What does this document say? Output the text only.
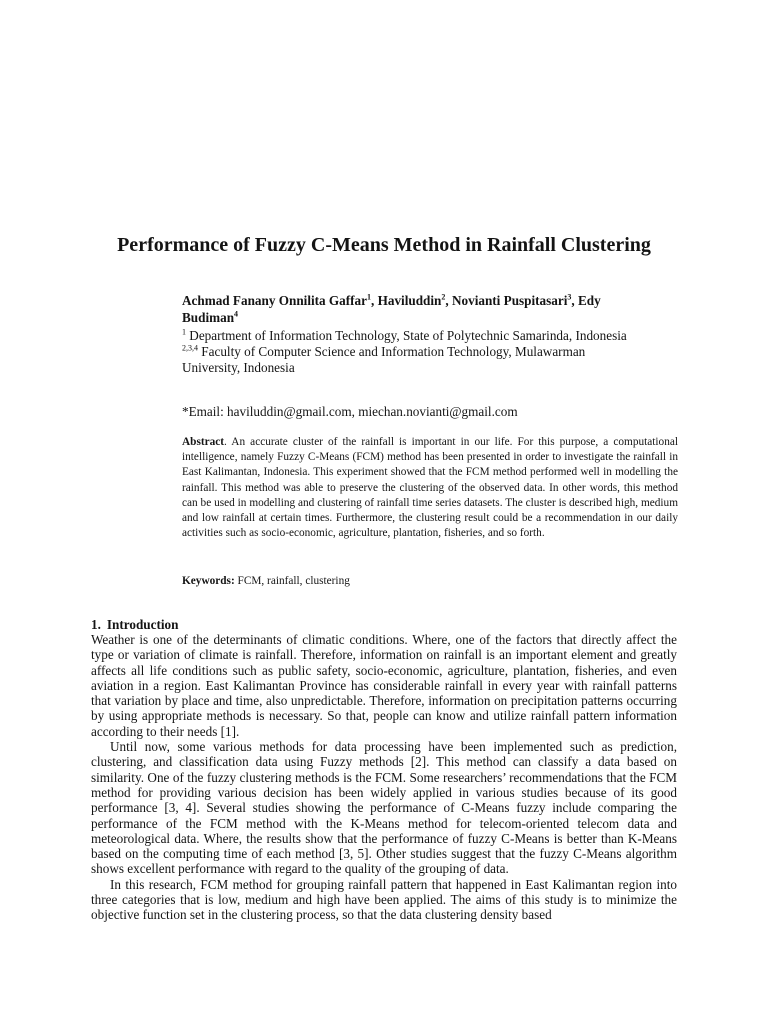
Performance of Fuzzy C-Means Method in Rainfall Clustering

Achmad Fanany Onnilita Gaffar$^1$, Haviluddin$^2$, Novianti Puspitasari$^3$, Edy Budiman$^4$

$^1$ Department of Information Technology, State of Polytechnic Samarinda, Indonesia

$^{2,3,4}$ Faculty of Computer Science and Information Technology, Mulawarman University, Indonesia

*Email: haviluddin@gmail.com, miechan.novianti@gmail.com

Abstract. An accurate cluster of the rainfall is important in our life. For this purpose, a computational intelligence, namely Fuzzy C-Means (FCM) method has been presented in order to investigate the rainfall in East Kalimantan, Indonesia. This experiment showed that the FCM method performed well in modelling the rainfall. This method was able to preserve the clustering of the observed data. In other words, this method can be used in modelling and clustering of rainfall time series datasets. The cluster is described high, medium and low rainfall at certain times. Furthermore, the clustering result could be a recommendation in our daily activities such as socio-economic, agriculture, plantation, fisheries, and so forth.

Keywords: FCM, rainfall, clustering

1. Introduction

Weather is one of the determinants of climatic conditions. Where, one of the factors that directly affect the type or variation of climate is rainfall. Therefore, information on rainfall is an important element and greatly affects all life conditions such as public safety, socio-economic, agriculture, plantation, fisheries, and even aviation in a region. East Kalimantan Province has considerable rainfall in every year with rainfall patterns that variation by place and time, also unpredictable. Therefore, information on precipitation patterns occurring by using appropriate methods is necessary. So that, people can know and utilize rainfall pattern information according to their needs [1].

Until now, some various methods for data processing have been implemented such as prediction, clustering, and classification data using Fuzzy methods [2]. This method can classify a data based on similarity. One of the fuzzy clustering methods is the FCM. Some researchers’ recommendations that the FCM method for providing various decision has been widely applied in various studies because of its good performance [3, 4]. Several studies showing the performance of C-Means fuzzy include comparing the performance of the FCM method with the K-Means method for telecom-oriented telecom data and meteorological data. Where, the results show that the performance of fuzzy C-Means is better than K-Means based on the computing time of each method [3, 5]. Other studies suggest that the fuzzy C-Means algorithm shows excellent performance with regard to the quality of the grouping of data.

In this research, FCM method for grouping rainfall pattern that happened in East Kalimantan region into three categories that is low, medium and high have been applied. The aims of this study is to minimize the objective function set in the clustering process, so that the data clustering density based
